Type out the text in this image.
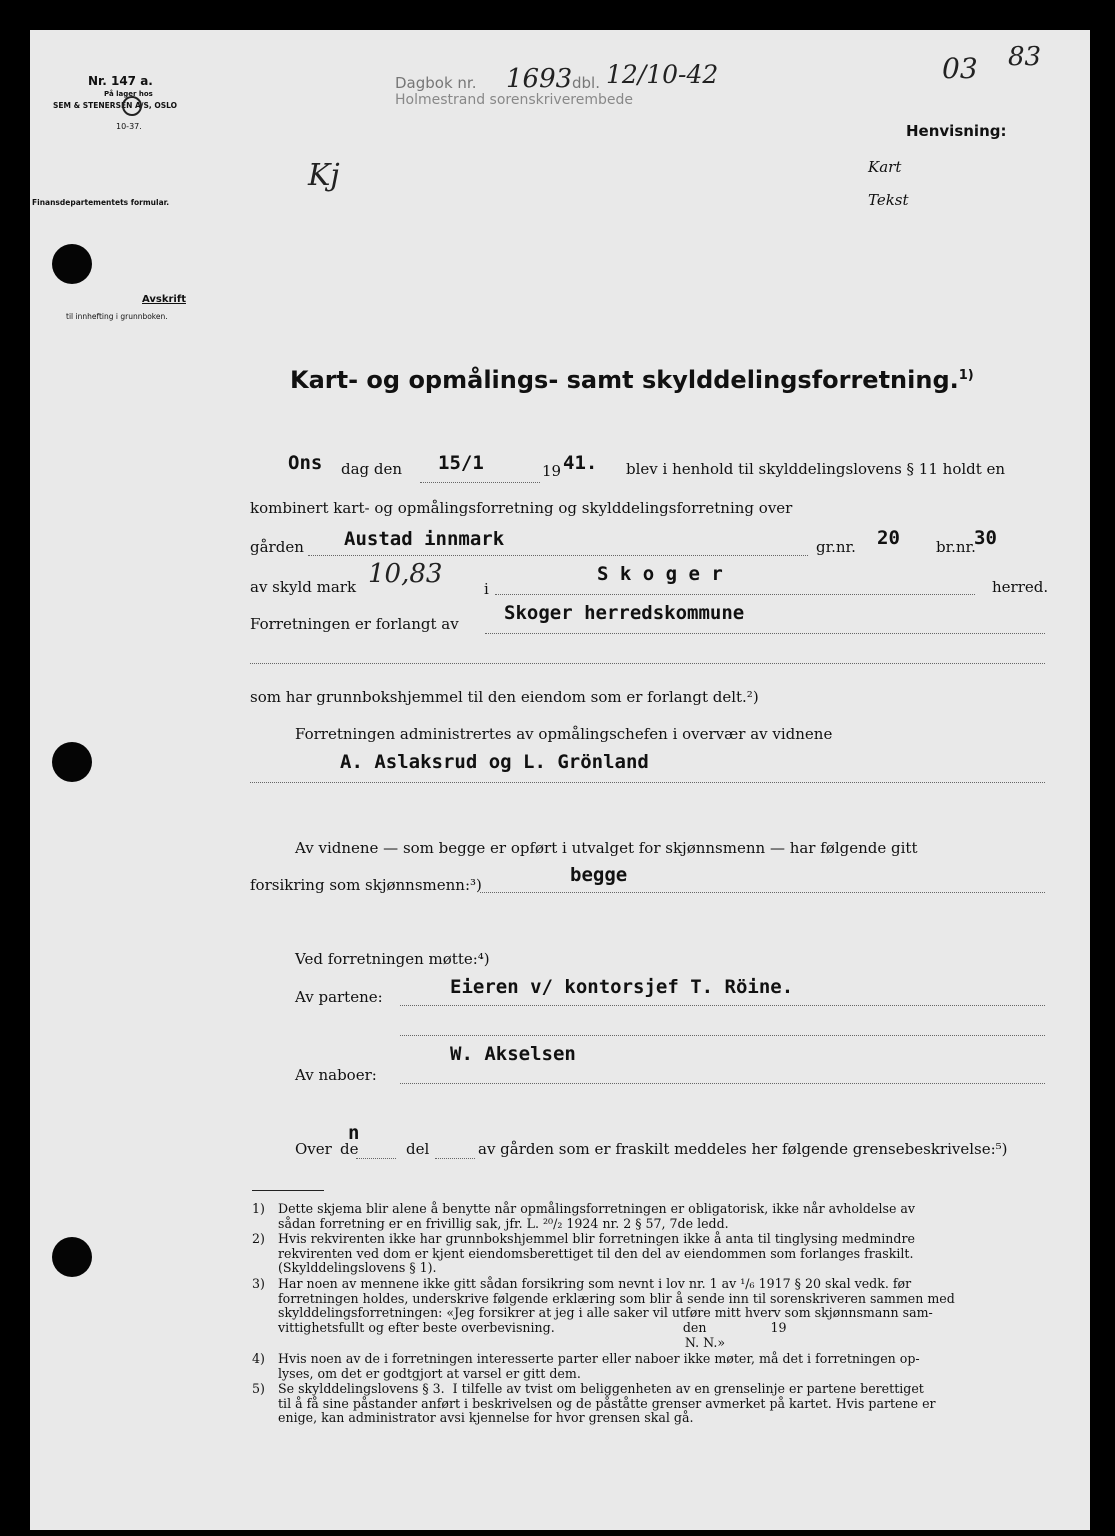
Nr. 147 a.
På lager hos
SEM & STENERSEN A/S, OSLO
10-37.
Finansdepartementets formular.
Avskrift
til innhefting i grunnboken.
Dagbok nr. 1693 dbl. 12/10-42
Holmestrand sorenskriverembede
03 83
Kj
Henvisning:
Kart
Tekst
Kart- og opmålings- samt skylddelingsforretning.$^{1)}$
Ons dag den 15/1	19 41. blev i henhold til skylddelingslovens § 11 holdt en
kombinert kart- og opmålingsforretning og skylddelingsforretning over
gården Austad innmark	gr.nr. 20 br.nr.
30
av skyld mark 10,83	i
S k o g e r
herred.
Forretningen er forlangt av Skoger herredskommune
som har grunnbokshjemmel til den eiendom som er forlangt delt.²)
Forretningen administrertes av opmålingschefen i overvær av vidnene
A. Aslaksrud og L. Grönland
Av vidnene — som begge er opført i utvalget for skjønnsmenn — har følgende gitt
forsikring som skjønnsmenn:³)	begge
Ved forretningen møtte:⁴)
Av partene:	Eieren v/ kontorsjef T. Röine.
Av naboer:
W. Akselsen
Over de
n
del	av gården som er fraskilt meddeles her følgende grensebeskrivelse:⁵)
1)	Dette skjema blir alene å benytte når opmålingsforretningen er obligatorisk, ikke når avholdelse av
sådan forretning er en frivillig sak, jfr. L. ²⁰/₂ 1924 nr. 2 § 57, 7de ledd.
2)	Hvis rekvirenten ikke har grunnbokshjemmel blir forretningen ikke å anta til tinglysing medmindre
rekvirenten ved dom er kjent eiendomsberettiget til den del av eiendommen som forlanges fraskilt.
(Skylddelingslovens § 1).
3)	Har noen av mennene ikke gitt sådan forsikring som nevnt i lov nr. 1 av ¹/₆ 1917 § 20 skal vedk. før
forretningen holdes, underskrive følgende erklæring som blir å sende inn til sorenskriveren sammen med
skylddelingsforretningen: «Jeg forsikrer at jeg i alle saker vil utføre mitt hverv som skjønnsmann sam-
vittighetsfullt og efter beste overbevisning.                                den                19
N. N.»
4)	Hvis noen av de i forretningen interesserte parter eller naboer ikke møter, må det i forretningen op-
lyses, om det er godtgjort at varsel er gitt dem.
5)	Se skylddelingslovens § 3.  I tilfelle av tvist om beliggenheten av en grenselinje er partene berettiget
til å få sine påstander anført i beskrivelsen og de påståtte grenser avmerket på kartet. Hvis partene er
enige, kan administrator avsi kjennelse for hvor grensen skal gå.
